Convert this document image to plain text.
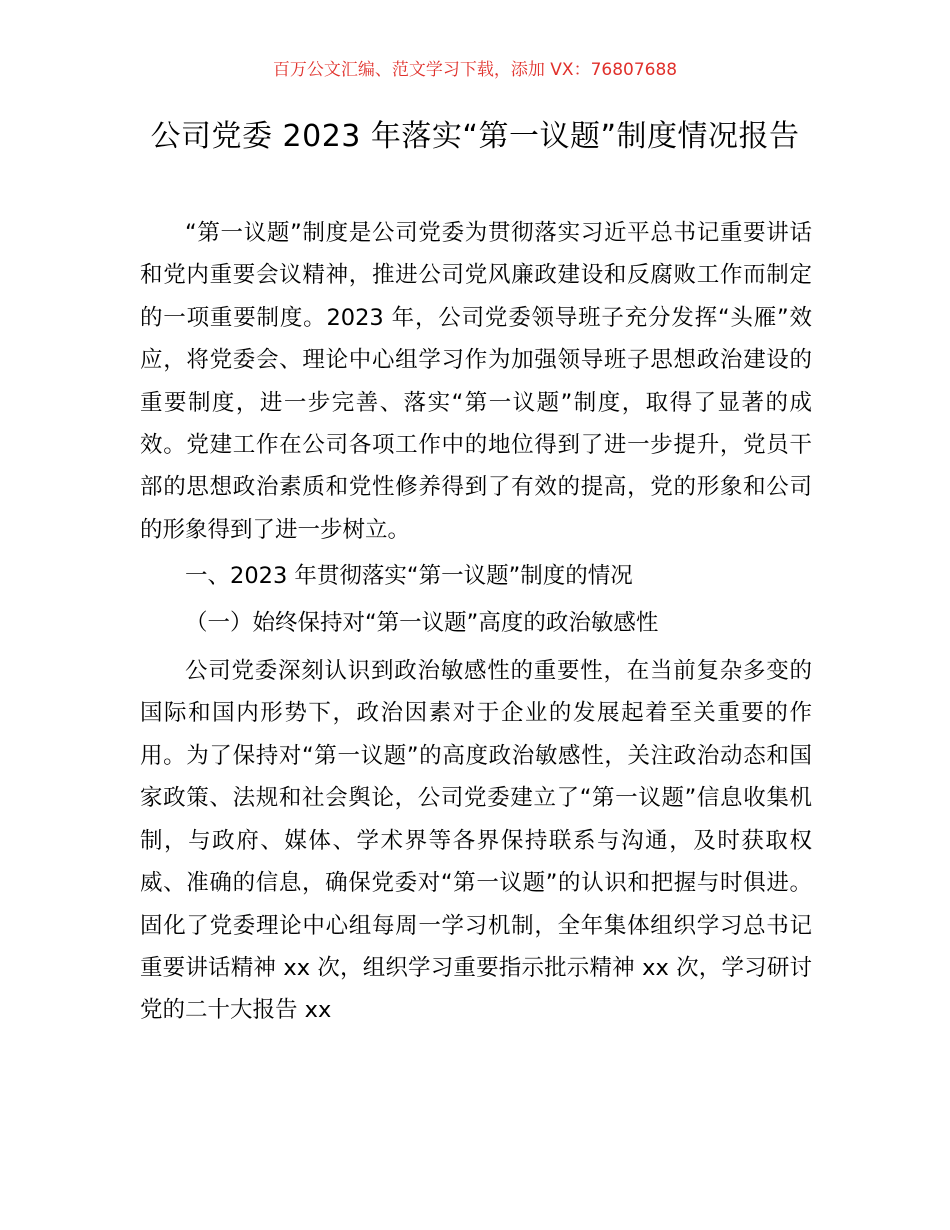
百万公文汇编、范文学习下载，添加 VX：76807688
公司党委 2023 年落实“第一议题”制度情况报告

“第一议题”制度是公司党委为贯彻落实习近平总书记重要讲话和党内重要会议精神，推进公司党风廉政建设和反腐败工作而制定的一项重要制度。2023 年，公司党委领导班子充分发挥“头雁”效应，将党委会、理论中心组学习作为加强领导班子思想政治建设的重要制度，进一步完善、落实“第一议题”制度，取得了显著的成效。党建工作在公司各项工作中的地位得到了进一步提升，党员干部的思想政治素质和党性修养得到了有效的提高，党的形象和公司的形象得到了进一步树立。

一、2023 年贯彻落实“第一议题”制度的情况

（一）始终保持对“第一议题”高度的政治敏感性

公司党委深刻认识到政治敏感性的重要性，在当前复杂多变的国际和国内形势下，政治因素对于企业的发展起着至关重要的作用。为了保持对“第一议题”的高度政治敏感性，关注政治动态和国家政策、法规和社会舆论，公司党委建立了“第一议题”信息收集机制，与政府、媒体、学术界等各界保持联系与沟通，及时获取权威、准确的信息，确保党委对“第一议题”的认识和把握与时俱进。固化了党委理论中心组每周一学习机制，全年集体组织学习总书记重要讲话精神 xx 次，组织学习重要指示批示精神 xx 次，学习研讨党的二十大报告 xx
